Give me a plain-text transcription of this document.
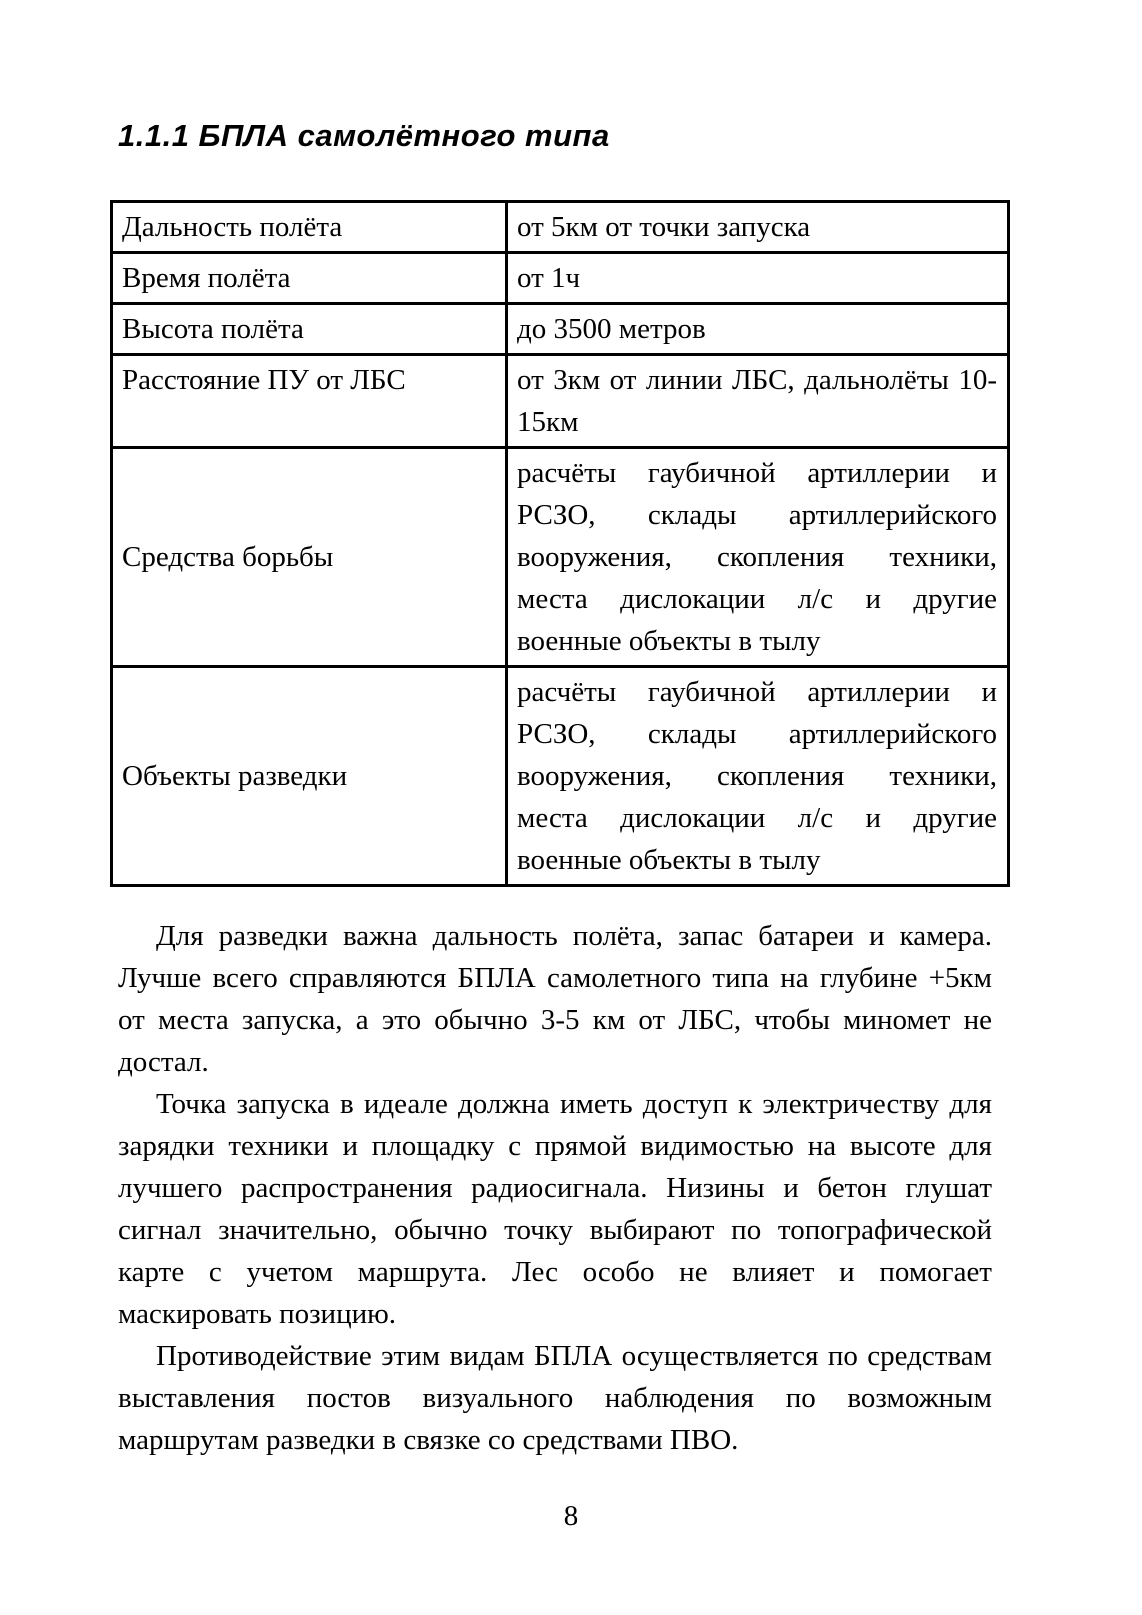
1.1.1 БПЛА самолётного типа
Дальность полёта	от 5км от точки запуска
Время полёта	от 1ч
Высота полёта	до 3500 метров
Расстояние ПУ от ЛБС	от 3км от линии ЛБС, дальнолёты 10-15км
Средства борьбы	расчёты гаубичной артиллерии и РСЗО, склады артиллерийского вооружения, скопления техники, места дислокации л/с и другие военные объекты в тылу
Объекты разведки	расчёты гаубичной артиллерии и РСЗО, склады артиллерийского вооружения, скопления техники, места дислокации л/с и другие военные объекты в тылу

Для разведки важна дальность полёта, запас батареи и камера. Лучше всего справляются БПЛА самолетного типа на глубине +5км от места запуска, а это обычно 3-5 км от ЛБС, чтобы миномет не достал.

Точка запуска в идеале должна иметь доступ к электричеству для зарядки техники и площадку с прямой видимостью на высоте для лучшего распространения радиосигнала. Низины и бетон глушат сигнал значительно, обычно точку выбирают по топографической карте с учетом маршрута. Лес особо не влияет и помогает маскировать позицию.

Противодействие этим видам БПЛА осуществляется по средствам выставления постов визуального наблюдения по возможным маршрутам разведки в связке со средствами ПВО.

8
